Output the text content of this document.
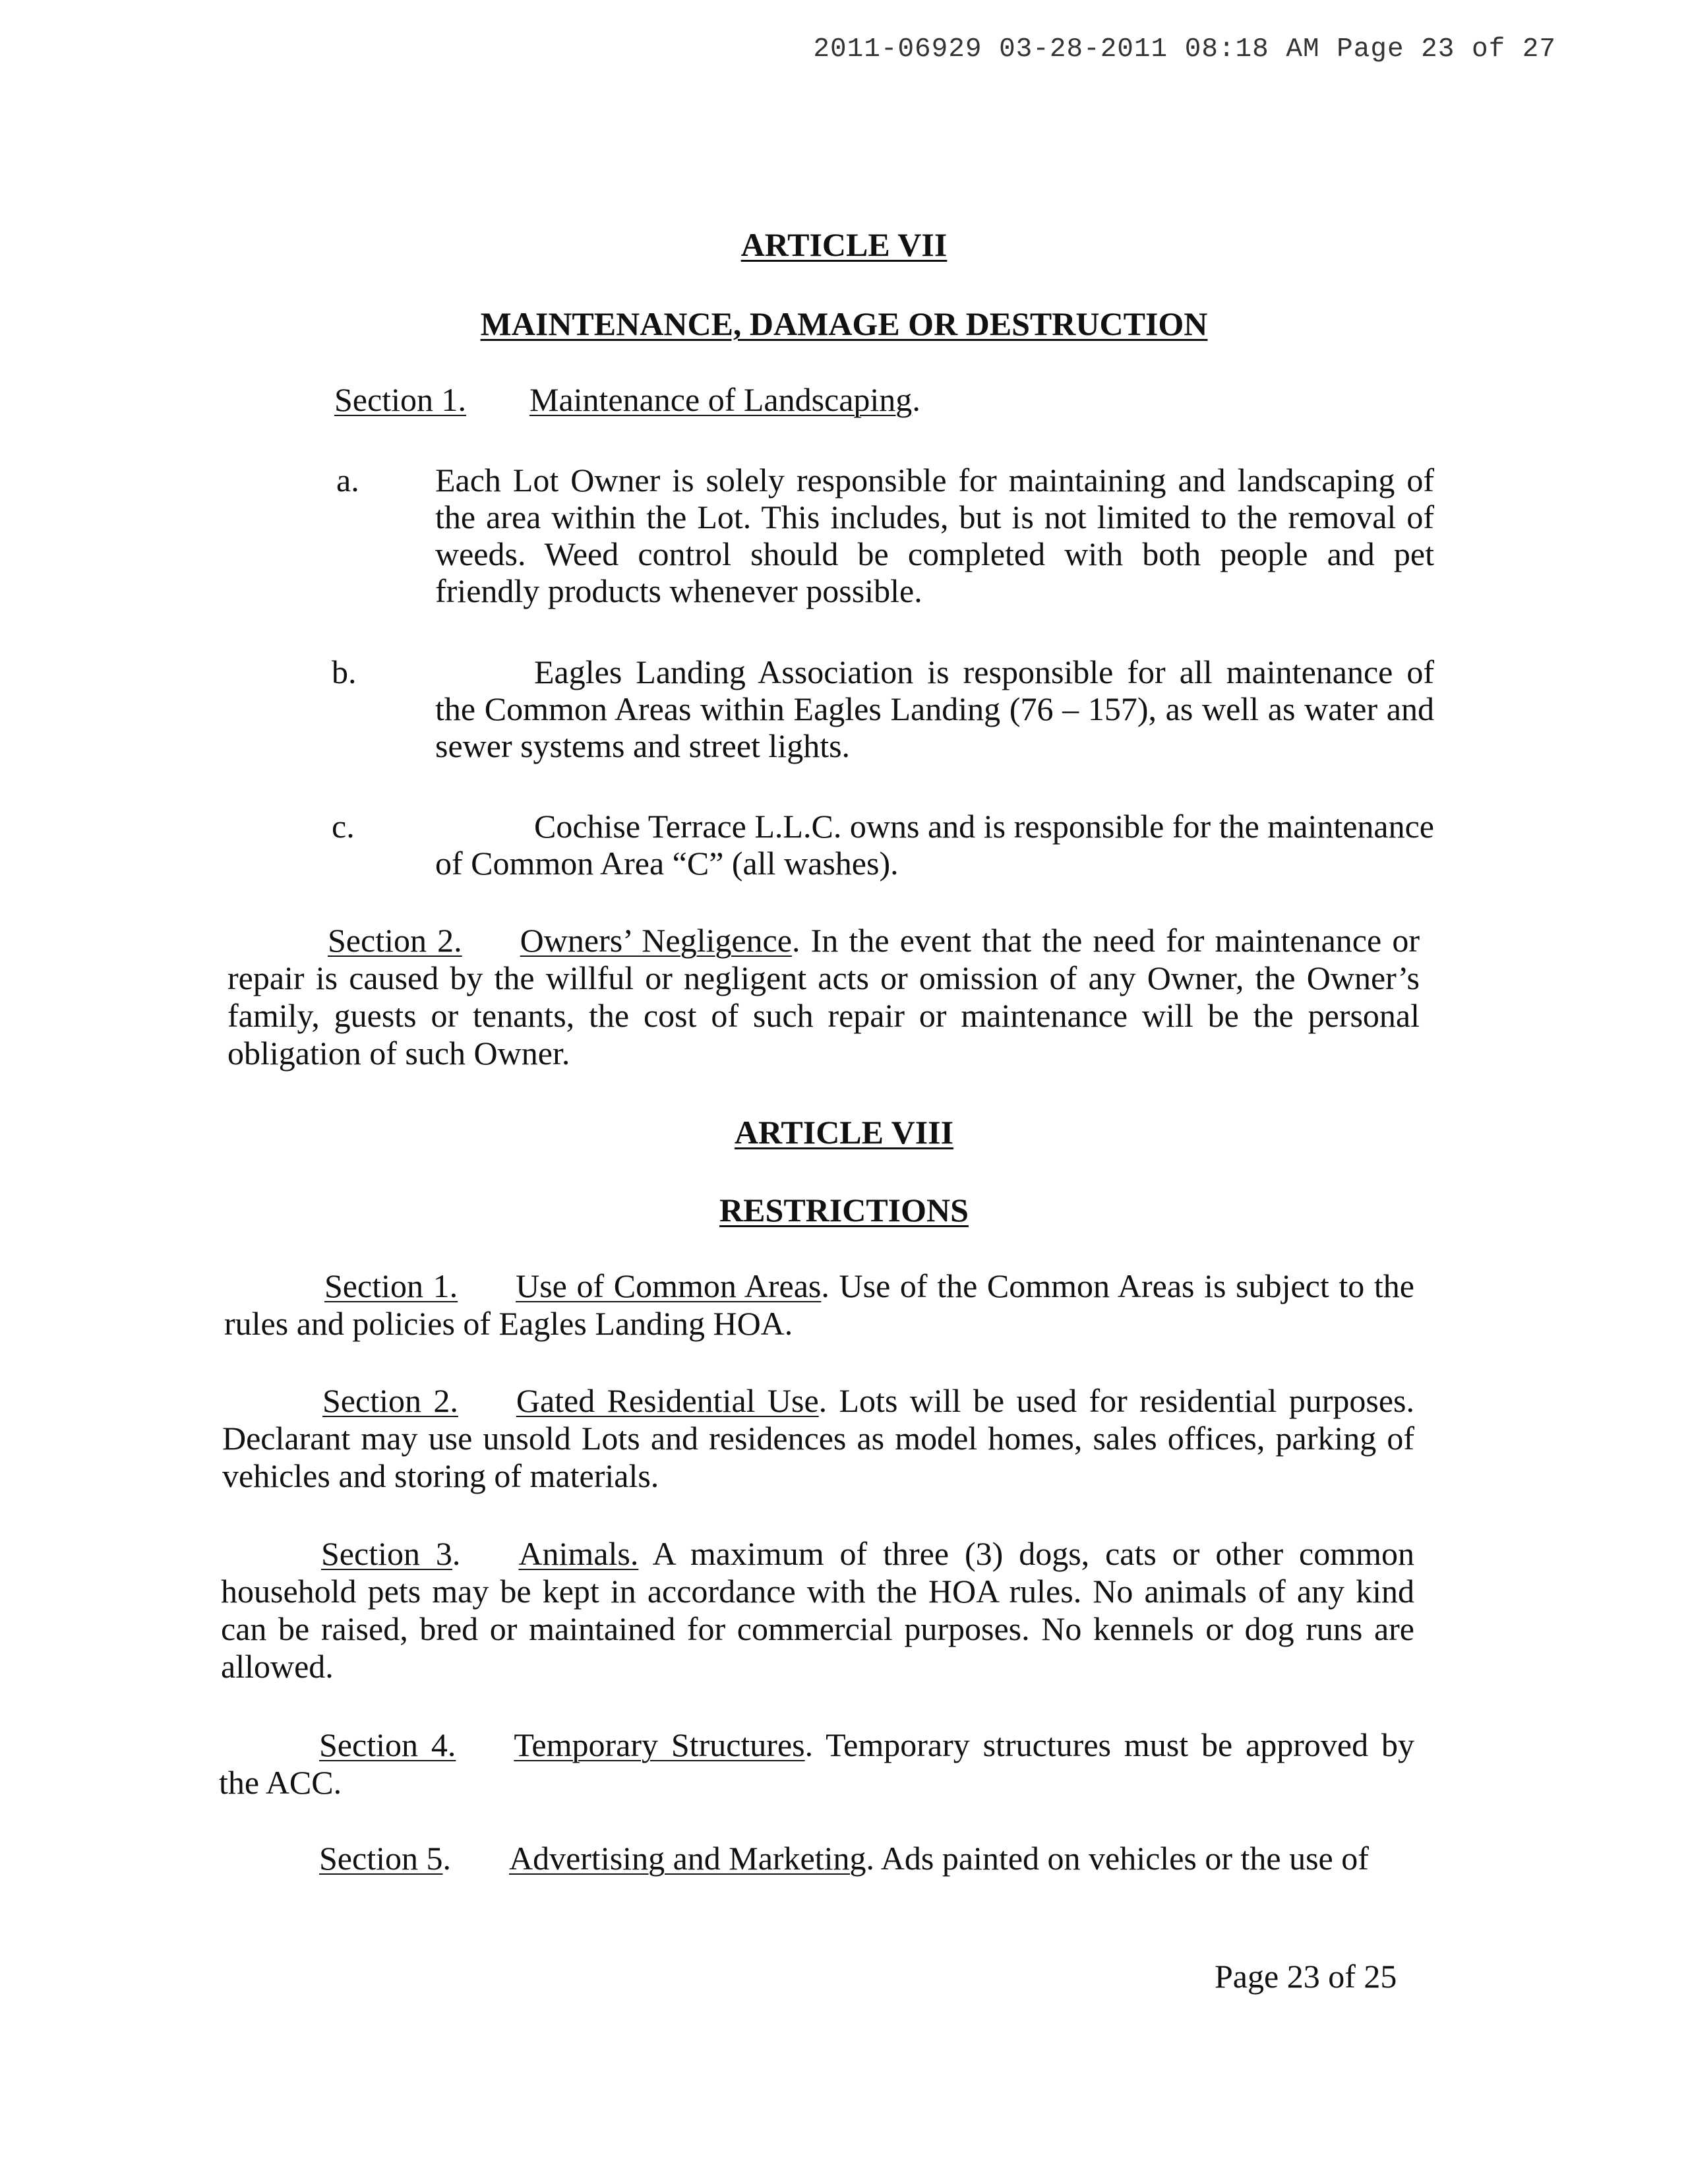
2011-06929 03-28-2011 08:18 AM Page 23 of 27
ARTICLE VII
MAINTENANCE, DAMAGE OR DESTRUCTION
Section 1. Maintenance of Landscaping.
a. Each Lot Owner is solely responsible for maintaining and landscaping of the area within the Lot. This includes, but is not limited to the removal of weeds. Weed control should be completed with both people and pet friendly products whenever possible.
b.	Eagles Landing Association is responsible for all maintenance of the Common Areas within Eagles Landing (76 – 157), as well as water and sewer systems and street lights.
c.	Cochise Terrace L.L.C. owns and is responsible for the maintenance of Common Area “C” (all washes).
Section 2. Owners’ Negligence. In the event that the need for maintenance or repair is caused by the willful or negligent acts or omission of any Owner, the Owner’s family, guests or tenants, the cost of such repair or maintenance will be the personal obligation of such Owner.
ARTICLE VIII
RESTRICTIONS
Section 1. Use of Common Areas. Use of the Common Areas is subject to the rules and policies of Eagles Landing HOA.
Section 2. Gated Residential Use. Lots will be used for residential purposes. Declarant may use unsold Lots and residences as model homes, sales offices, parking of vehicles and storing of materials.
Section 3. Animals. A maximum of three (3) dogs, cats or other common household pets may be kept in accordance with the HOA rules. No animals of any kind can be raised, bred or maintained for commercial purposes. No kennels or dog runs are allowed.
Section 4. Temporary Structures. Temporary structures must be approved by the ACC.
Section 5. Advertising and Marketing. Ads painted on vehicles or the use of
Page 23 of 25
